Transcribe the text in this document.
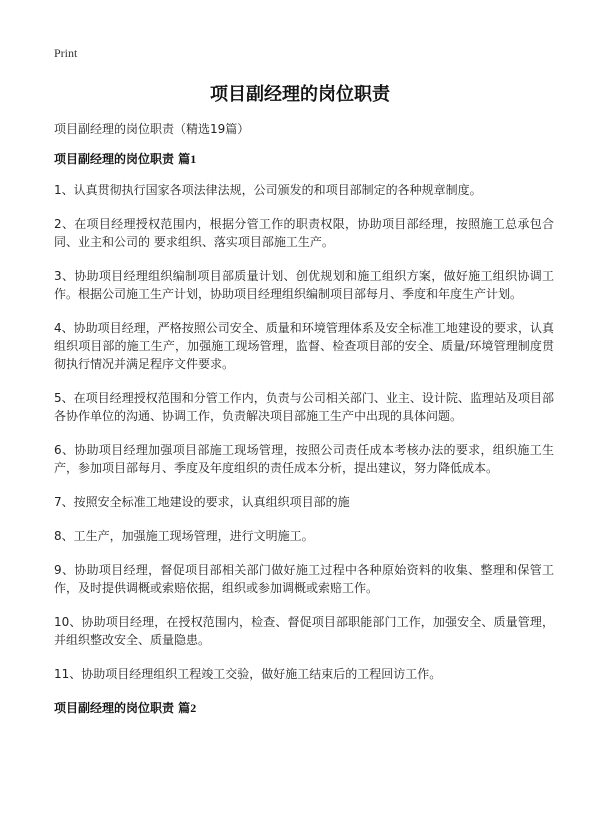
Print
项目副经理的岗位职责

项目副经理的岗位职责（精选19篇）

项目副经理的岗位职责 篇1

1、认真贯彻执行国家各项法律法规，公司颁发的和项目部制定的各种规章制度。

2、在项目经理授权范围内，根据分管工作的职责权限，协助项目部经理，按照施工总承包合同、业主和公司的 要求组织、落实项目部施工生产。

3、协助项目经理组织编制项目部质量计划、创优规划和施工组织方案，做好施工组织协调工作。根据公司施工生产计划，协助项目经理组织编制项目部每月、季度和年度生产计划。

4、协助项目经理，严格按照公司安全、质量和环境管理体系及安全标准工地建设的要求，认真组织项目部的施工生产，加强施工现场管理，监督、检查项目部的安全、质量/环境管理制度贯彻执行情况并满足程序文件要求。

5、在项目经理授权范围和分管工作内，负责与公司相关部门、业主、设计院、监理站及项目部各协作单位的沟通、协调工作，负责解决项目部施工生产中出现的具体问题。

6、协助项目经理加强项目部施工现场管理，按照公司责任成本考核办法的要求，组织施工生产，参加项目部每月、季度及年度组织的责任成本分析，提出建议，努力降低成本。

7、按照安全标准工地建设的要求，认真组织项目部的施

8、工生产，加强施工现场管理，进行文明施工。

9、协助项目经理，督促项目部相关部门做好施工过程中各种原始资料的收集、整理和保管工作，及时提供调概或索赔依据，组织或参加调概或索赔工作。

10、协助项目经理，在授权范围内，检查、督促项目部职能部门工作，加强安全、质量管理，并组织整改安全、质量隐患。

11、协助项目经理组织工程竣工交验，做好施工结束后的工程回访工作。

项目副经理的岗位职责 篇2
